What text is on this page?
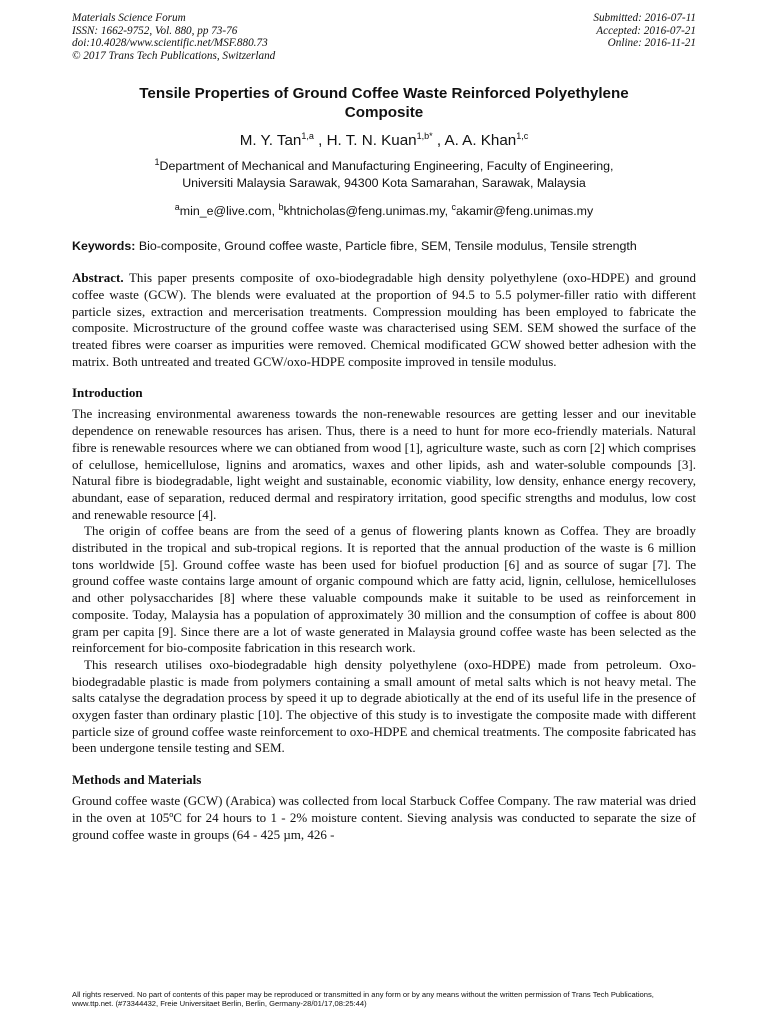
Materials Science Forum
ISSN: 1662-9752, Vol. 880, pp 73-76
doi:10.4028/www.scientific.net/MSF.880.73
© 2017 Trans Tech Publications, Switzerland
Submitted: 2016-07-11
Accepted: 2016-07-21
Online: 2016-11-21
Tensile Properties of Ground Coffee Waste Reinforced Polyethylene
Composite
M. Y. Tan$^{1,a}$ , H. T. N. Kuan$^{1,b*}$ , A. A. Khan$^{1,c}$
$^1$Department of Mechanical and Manufacturing Engineering, Faculty of Engineering,
Universiti Malaysia Sarawak, 94300 Kota Samarahan, Sarawak, Malaysia
$^a$min_e@live.com, $^b$khtnicholas@feng.unimas.my, $^c$akamir@feng.unimas.my

Keywords: Bio-composite, Ground coffee waste, Particle fibre, SEM, Tensile modulus, Tensile strength

Abstract. This paper presents composite of oxo-biodegradable high density polyethylene (oxo-HDPE) and ground coffee waste (GCW). The blends were evaluated at the proportion of 94.5 to 5.5 polymer-filler ratio with different particle sizes, extraction and mercerisation treatments. Compression moulding has been employed to fabricate the composite. Microstructure of the ground coffee waste was characterised using SEM. SEM showed the surface of the treated fibres were coarser as impurities were removed. Chemical modificated GCW showed better adhesion with the matrix. Both untreated and treated GCW/oxo-HDPE composite improved in tensile modulus.

Introduction

The increasing environmental awareness towards the non-renewable resources are getting lesser and our inevitable dependence on renewable resources has arisen. Thus, there is a need to hunt for more eco-friendly materials. Natural fibre is renewable resources where we can obtianed from wood [1], agriculture waste, such as corn [2] which comprises of celullose, hemicellulose, lignins and aromatics, waxes and other lipids, ash and water-soluble compounds [3]. Natural fibre is biodegradable, light weight and sustainable, economic viability, low density, enhance energy recovery, abundant, ease of separation, reduced dermal and respiratory irritation, good specific strengths and modulus, low cost and renewable resource [4].

The origin of coffee beans are from the seed of a genus of flowering plants known as Coffea. They are broadly distributed in the tropical and sub-tropical regions. It is reported that the annual production of the waste is 6 million tons worldwide [5]. Ground coffee waste has been used for biofuel production [6] and as source of sugar [7]. The ground coffee waste contains large amount of organic compound which are fatty acid, lignin, cellulose, hemicelluloses and other polysaccharides [8] where these valuable compounds make it suitable to be used as reinforcement in composite. Today, Malaysia has a population of approximately 30 million and the consumption of coffee is about 800 gram per capita [9]. Since there are a lot of waste generated in Malaysia ground coffee waste has been selected as the reinforcement for bio-composite fabrication in this research work.

This research utilises oxo-biodegradable high density polyethylene (oxo-HDPE) made from petroleum. Oxo-biodegradable plastic is made from polymers containing a small amount of metal salts which is not heavy metal. The salts catalyse the degradation process by speed it up to degrade abiotically at the end of its useful life in the presence of oxygen faster than ordinary plastic [10]. The objective of this study is to investigate the composite made with different particle size of ground coffee waste reinforcement to oxo-HDPE and chemical treatments. The composite fabricated has been undergone tensile testing and SEM.

Methods and Materials

Ground coffee waste (GCW) (Arabica) was collected from local Starbuck Coffee Company. The raw material was dried in the oven at 105ºC for 24 hours to 1 - 2% moisture content. Sieving analysis was conducted to separate the size of ground coffee waste in groups (64 - 425 µm, 426 -

All rights reserved. No part of contents of this paper may be reproduced or transmitted in any form or by any means without the written permission of Trans Tech Publications, www.ttp.net. (#73344432, Freie Universitaet Berlin, Berlin, Germany-28/01/17,08:25:44)
